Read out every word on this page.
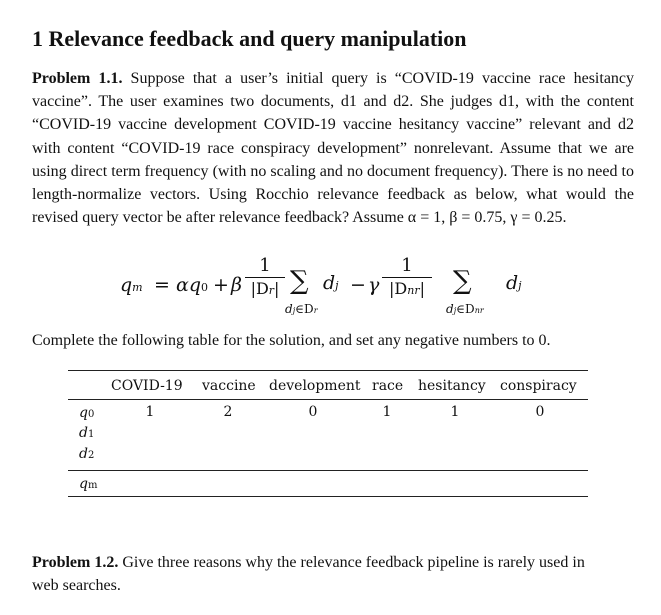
1 Relevance feedback and query manipulation
Problem 1.1. Suppose that a user’s initial query is “COVID-19 vaccine race hesitancy vaccine”. The user examines two documents, d1 and d2. She judges d1, with the content “COVID-19 vaccine development COVID-19 vaccine hesitancy vaccine” relevant and d2 with content “COVID-19 race conspiracy development” nonrelevant. Assume that we are using direct term frequency (with no scaling and no document frequency). There is no need to length-normalize vectors. Using Rocchio relevance feedback as below, what would the revised query vector be after relevance feedback? Assume α = 1, β = 0.75, γ = 0.25.
qm = αq0 + β
1
|Dr| ∑ dj
dj∈Dr
− γ
1
|Dnr| ∑ dj
dj∈Dnr
Complete the following table for the solution, and set any negative numbers to 0.
COVID-19 vaccine development race hesitancy conspiracy
q0	1	2	0	1	1	0
d1
d2
qm
Problem 1.2. Give three reasons why the relevance feedback pipeline is rarely used in web searches.
